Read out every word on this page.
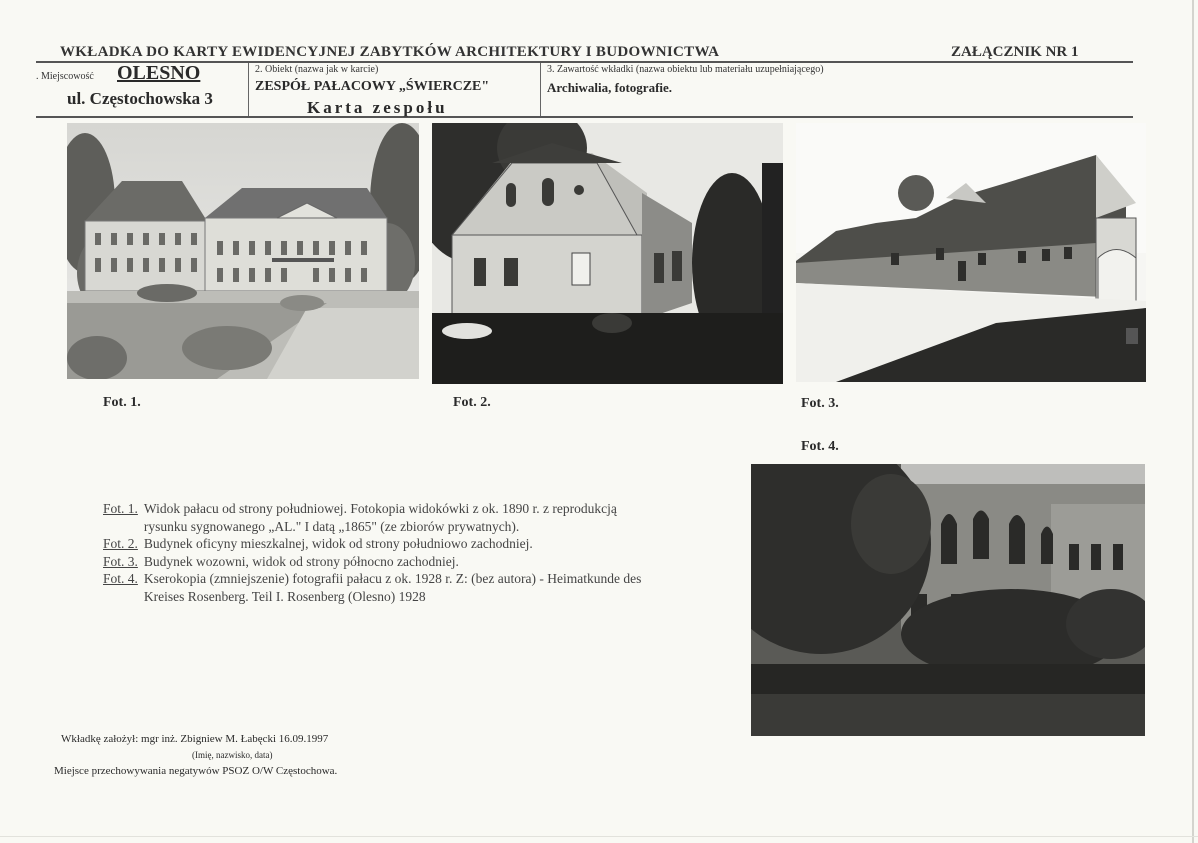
WKŁADKA DO KARTY EWIDENCYJNEJ ZABYTKÓW ARCHITEKTURY I BUDOWNICTWA	ZAŁĄCZNIK NR 1
. Miejscowość OLESNO
ul. Częstochowska 3
2. Obiekt (nazwa jak w karcie)
ZESPÓŁ PAŁACOWY „ŚWIERCZE"
Karta zespołu
3. Zawartość wkładki (nazwa obiektu lub materiału uzupełniającego)
Archiwalia, fotografie.
Fot. 1.	Fot. 2.	Fot. 3.
Fot. 4.
Fot. 1. Widok pałacu od strony południowej. Fotokopia widokówki z ok. 1890 r. z reprodukcją rysunku sygnowanego „AL." I datą „1865" (ze zbiorów prywatnych).
Fot. 2. Budynek oficyny mieszkalnej, widok od strony południowo zachodniej.
Fot. 3. Budynek wozowni, widok od strony północno zachodniej.
Fot. 4. Kserokopia (zmniejszenie) fotografii pałacu z ok. 1928 r. Z: (bez autora) - Heimatkunde des Kreises Rosenberg. Teil I. Rosenberg (Olesno) 1928
Wkładkę założył: mgr inż. Zbigniew M. Łabęcki 16.09.1997
(Imię, nazwisko, data)
Miejsce przechowywania negatywów PSOZ O/W Częstochowa.
